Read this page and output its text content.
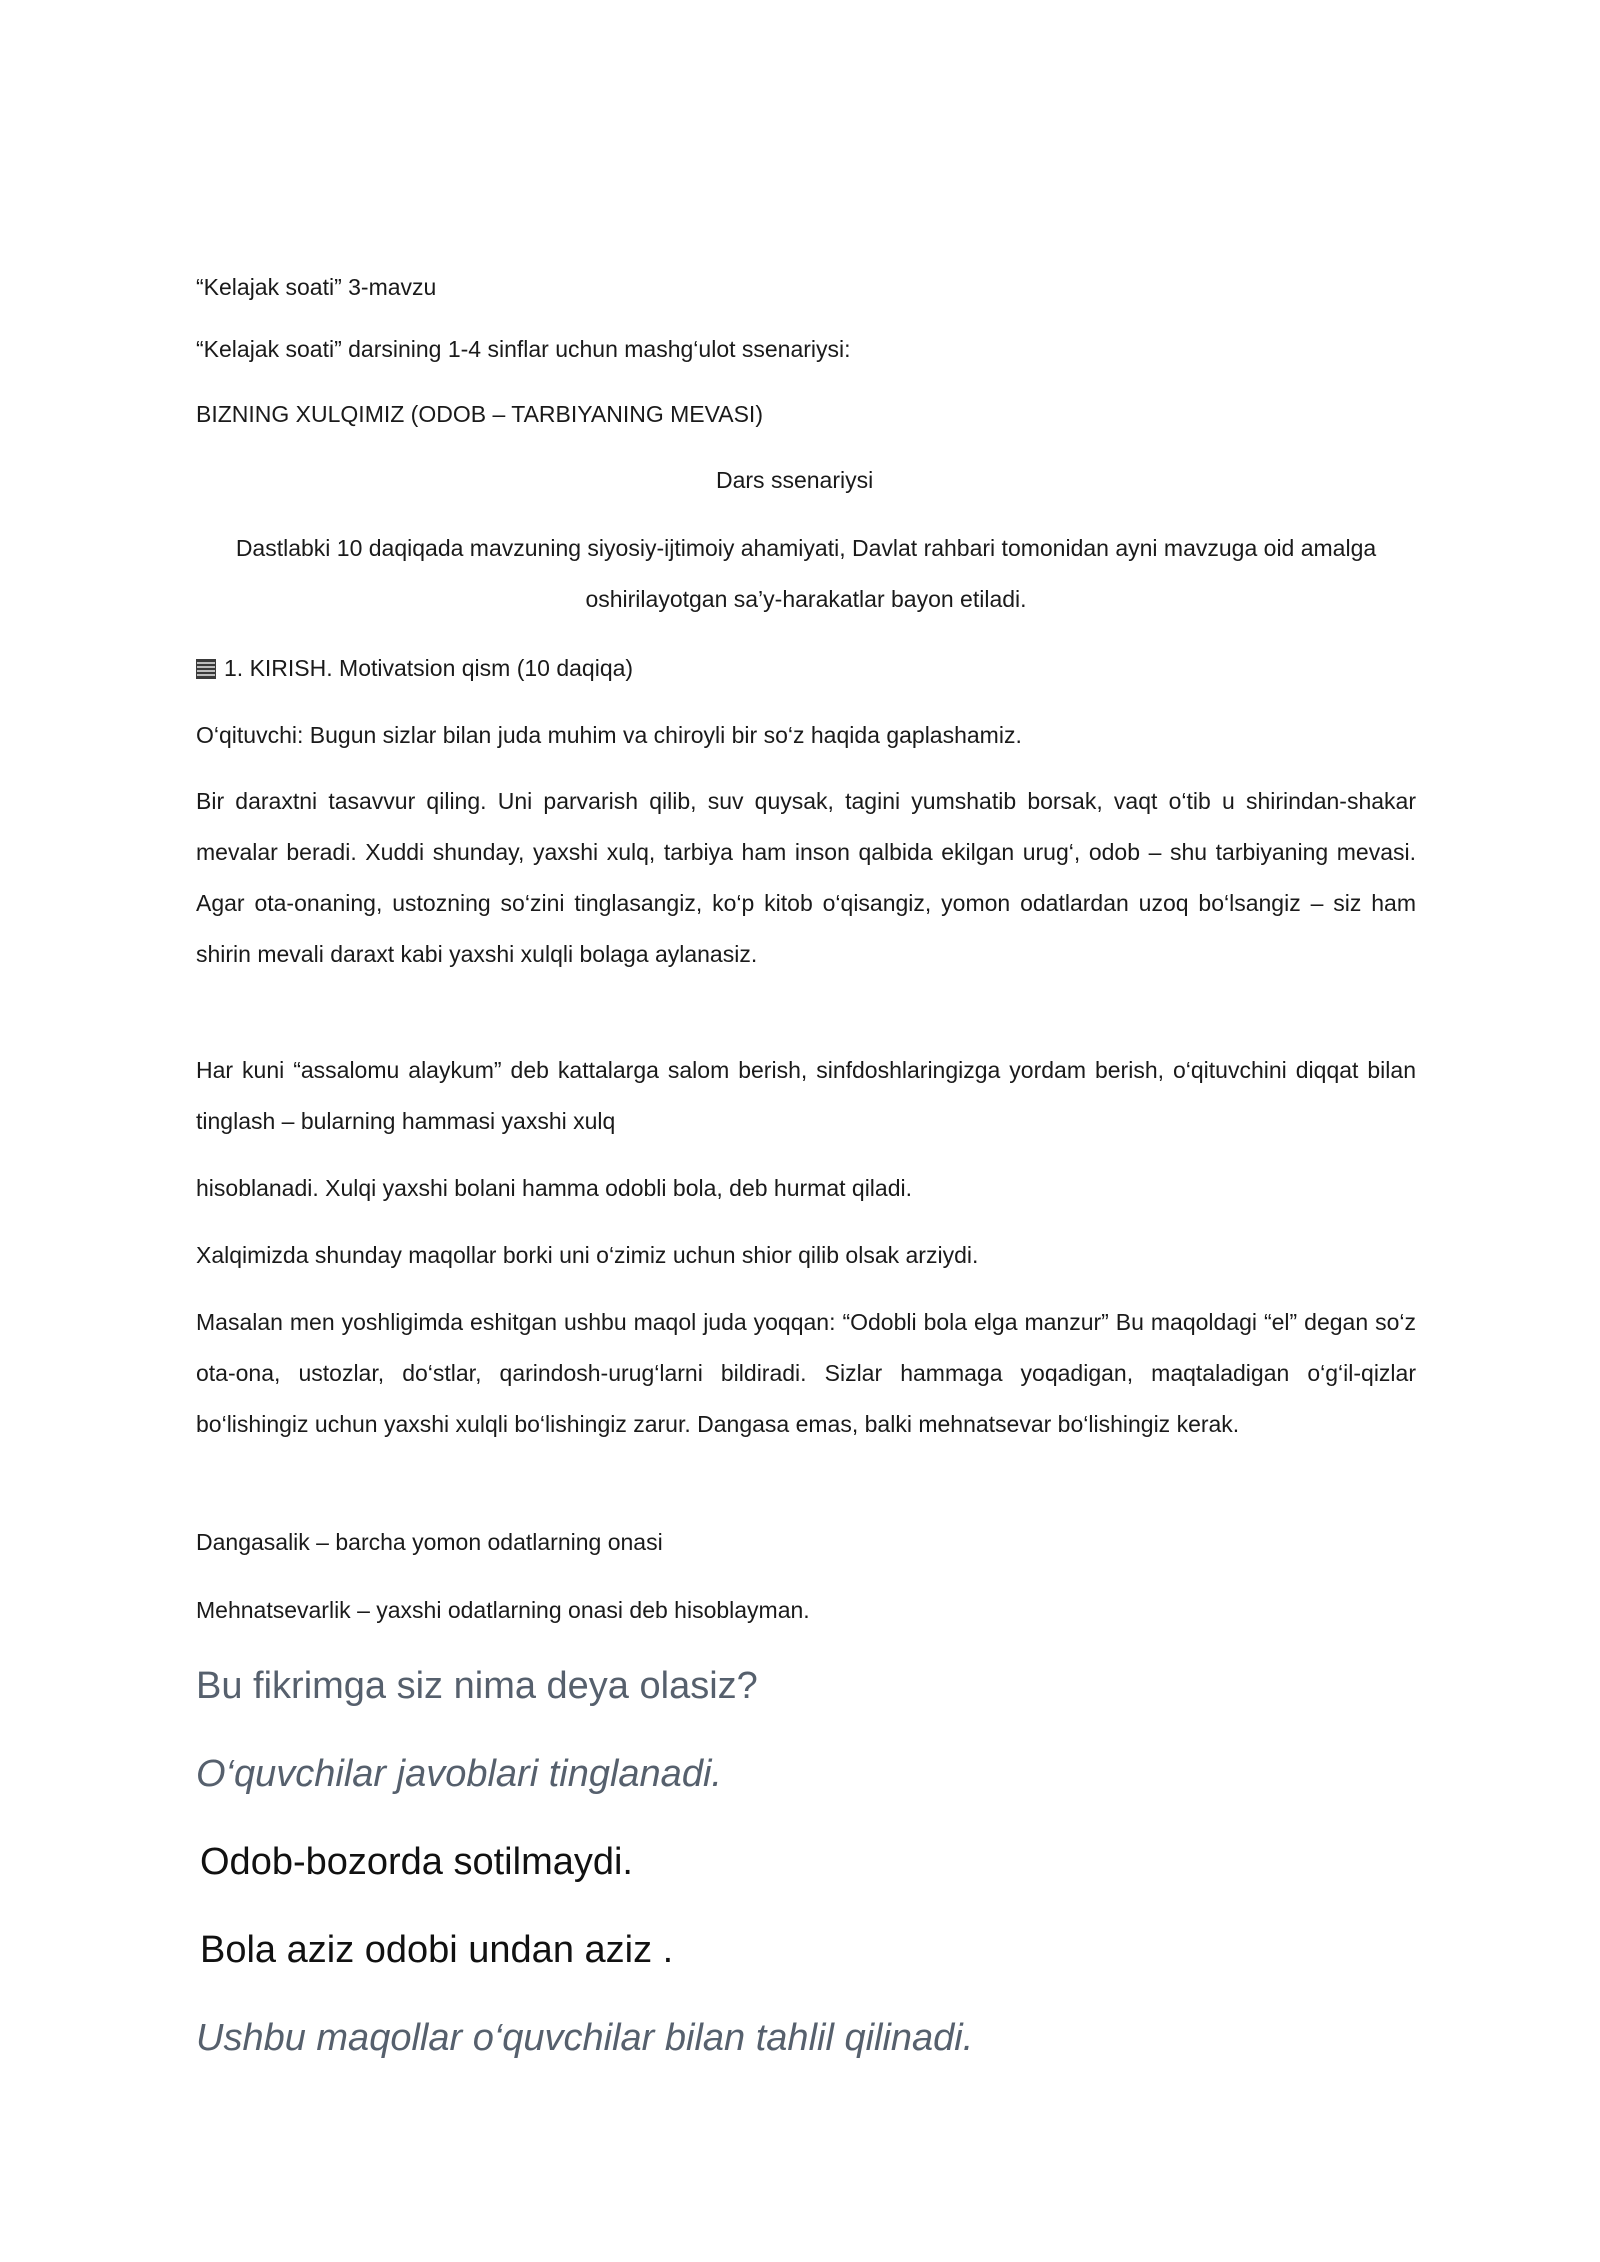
“Kelajak soati” 3-mavzu

“Kelajak soati” darsining 1-4 sinflar uchun mashg‘ulot ssenariysi:

BIZNING XULQIMIZ (ODOB – TARBIYANING MEVASI)

Dars ssenariysi

Dastlabki 10 daqiqada mavzuning siyosiy-ijtimoiy ahamiyati, Davlat rahbari tomonidan ayni mavzuga oid amalga oshirilayotgan sa’y-harakatlar bayon etiladi.

1. KIRISH. Motivatsion qism (10 daqiqa)

O‘qituvchi: Bugun sizlar bilan juda muhim va chiroyli bir so‘z haqida gaplashamiz.

Bir daraxtni tasavvur qiling. Uni parvarish qilib, suv quysak, tagini yumshatib borsak, vaqt o‘tib u shirindan-shakar mevalar beradi. Xuddi shunday, yaxshi xulq, tarbiya ham inson qalbida ekilgan urug‘, odob – shu tarbiyaning mevasi. Agar ota-onaning, ustozning so‘zini tinglasangiz, ko‘p kitob o‘qisangiz, yomon odatlardan uzoq bo‘lsangiz – siz ham shirin mevali daraxt kabi yaxshi xulqli bolaga aylanasiz.

Har kuni “assalomu alaykum” deb kattalarga salom berish, sinfdoshlaringizga yordam berish, o‘qituvchini diqqat bilan tinglash – bularning hammasi yaxshi xulq

hisoblanadi. Xulqi yaxshi bolani hamma odobli bola, deb hurmat qiladi.

Xalqimizda shunday maqollar borki uni o‘zimiz uchun shior qilib olsak arziydi.

Masalan men yoshligimda eshitgan ushbu maqol juda yoqqan: “Odobli bola elga manzur” Bu maqoldagi “el” degan so‘z ota-ona, ustozlar, do‘stlar, qarindosh-urug‘larni bildiradi. Sizlar hammaga yoqadigan, maqtaladigan o‘g‘il-qizlar bo‘lishingiz uchun yaxshi xulqli bo‘lishingiz zarur. Dangasa emas, balki mehnatsevar bo‘lishingiz kerak.

Dangasalik – barcha yomon odatlarning onasi

Mehnatsevarlik – yaxshi odatlarning onasi deb hisoblayman.

Bu fikrimga siz nima deya olasiz?

O‘quvchilar javoblari tinglanadi.

Odob-bozorda sotilmaydi.

Bola aziz odobi undan aziz .

Ushbu maqollar o‘quvchilar bilan tahlil qilinadi.
